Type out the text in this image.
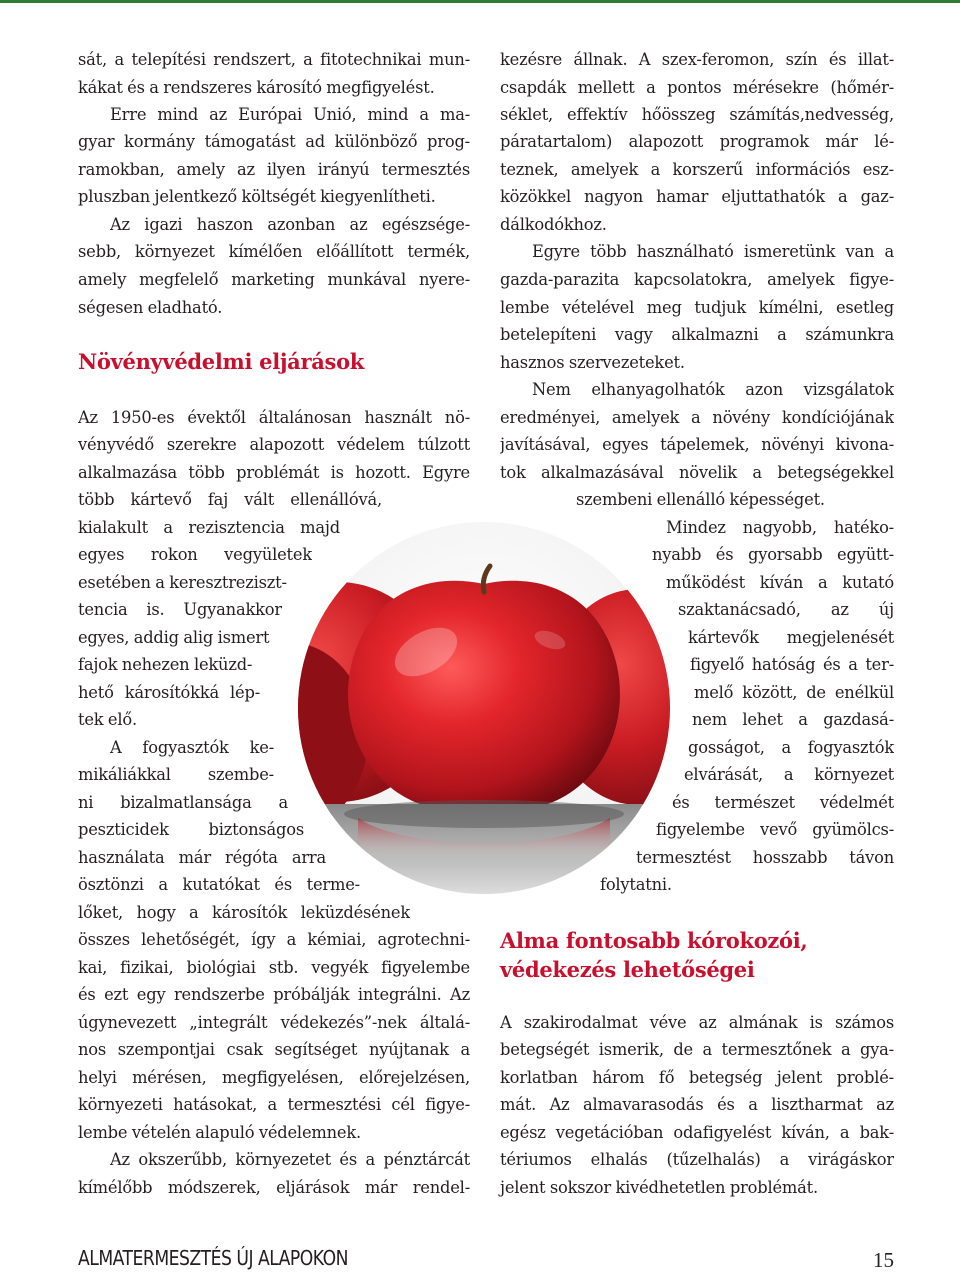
sát, a telepítési rendszert, a fitotechnikai mun-
kákat és a rendszeres károsító megfigyelést.
Erre mind az Európai Unió, mind a ma-
gyar kormány támogatást ad különböző prog-
ramokban, amely az ilyen irányú termesztés
pluszban jelentkező költségét kiegyenlítheti.
Az igazi haszon azonban az egészsége-
sebb, környezet kímélően előállított termék,
amely megfelelő marketing munkával nyere-
ségesen eladható.
Növényvédelmi eljárások
Az 1950-es évektől általánosan használt nö-
vényvédő szerekre alapozott védelem túlzott
alkalmazása több problémát is hozott. Egyre
több kártevő faj vált ellenállóvá,
kialakult a rezisztencia majd
egyes rokon vegyületek
esetében a keresztreziszt-
tencia is. Ugyanakkor
egyes, addig alig ismert
fajok nehezen leküzd-
hető károsítókká lép-
tek elő.
A fogyasztók ke-
mikáliákkal szembe-
ni bizalmatlansága a
peszticidek biztonságos
használata már régóta arra
ösztönzi a kutatókat és terme-
lőket, hogy a károsítók leküzdésének
összes lehetőségét, így a kémiai, agrotechni-
kai, fizikai, biológiai stb. vegyék figyelembe
és ezt egy rendszerbe próbálják integrálni. Az
úgynevezett „integrált védekezés”-nek általá-
nos szempontjai csak segítséget nyújtanak a
helyi mérésen, megfigyelésen, előrejelzésen,
környezeti hatásokat, a termesztési cél figye-
lembe vételén alapuló védelemnek.
Az okszerűbb, környezetet és a pénztárcát
kímélőbb módszerek, eljárások már rendel-
kezésre állnak. A szex-feromon, szín és illat-
csapdák mellett a pontos mérésekre (hőmér-
séklet, effektív hőösszeg számítás,nedvesség,
páratartalom) alapozott programok már lé-
teznek, amelyek a korszerű információs esz-
közökkel nagyon hamar eljuttathatók a gaz-
dálkodókhoz.
Egyre több használható ismeretünk van a
gazda-parazita kapcsolatokra, amelyek figye-
lembe vételével meg tudjuk kímélni, esetleg
betelepíteni vagy alkalmazni a számunkra
hasznos szervezeteket.
Nem elhanyagolhatók azon vizsgálatok
eredményei, amelyek a növény kondíciójának
javításával, egyes tápelemek, növényi kivona-
tok alkalmazásával növelik a betegségekkel
szembeni ellenálló képességet.
Mindez nagyobb, hatéko-
nyabb és gyorsabb együtt-
működést kíván a kutató
szaktanácsadó, az új
kártevők megjelenését
figyelő hatóság és a ter-
melő között, de enélkül
nem lehet a gazdasá-
gosságot, a fogyasztók
elvárását, a környezet
és természet védelmét
figyelembe vevő gyümölcs-
termesztést hosszabb távon
folytatni.
Alma fontosabb kórokozói,
védekezés lehetőségei
A szakirodalmat véve az almának is számos
betegségét ismerik, de a termesztőnek a gya-
korlatban három fő betegség jelent problé-
mát. Az almavarasodás és a lisztharmat az
egész vegetációban odafigyelést kíván, a bak-
tériumos elhalás (tűzelhalás) a virágáskor
jelent sokszor kivédhetetlen problémát.
ALMATERMESZTÉS ÚJ ALAPOKON	15
